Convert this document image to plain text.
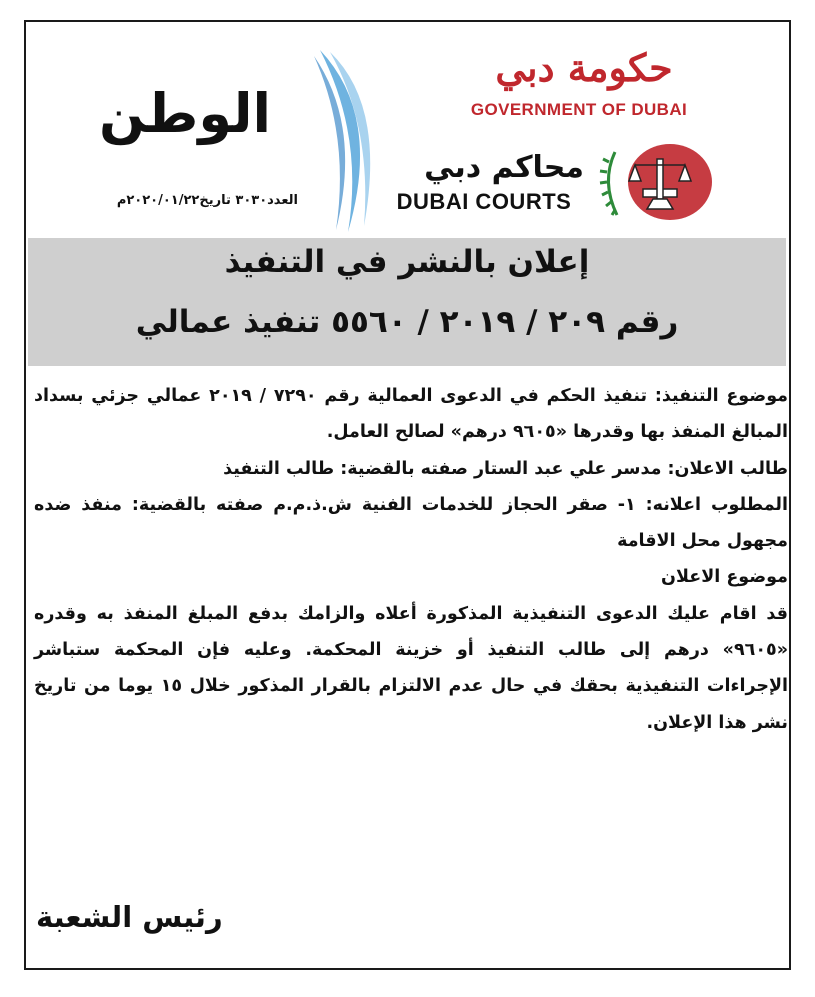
حكومة دبي
GOVERNMENT OF DUBAI
محاكم دبي
DUBAI COURTS
الوطن
العدد٣٠٣٠ تاريخ٢٠٢٠/٠١/٢٢م
إعلان بالنشر في التنفيذ
رقم ٢٠٩ / ٢٠١٩ / ٥٥٦٠ تنفيذ عمالي

موضوع التنفيذ: تنفيذ الحكم في الدعوى العمالية رقم ٧٢٩٠ / ٢٠١٩ عمالي جزئي بسداد المبالغ المنفذ بها وقدرها «٩٦٠٥ درهم» لصالح العامل.

طالب الاعلان: مدسر علي عبد الستار صفته بالقضية: طالب التنفيذ

المطلوب اعلانه: ١- صقر الحجاز للخدمات الفنية ش.ذ.م.م صفته بالقضية: منفذ ضده مجهول محل الاقامة

موضوع الاعلان

قد اقام عليك الدعوى التنفيذية المذكورة أعلاه والزامك بدفع المبلغ المنفذ به وقدره «٩٦٠٥» درهم إلى طالب التنفيذ أو خزينة المحكمة. وعليه فإن المحكمة ستباشر الإجراءات التنفيذية بحقك في حال عدم الالتزام بالقرار المذكور خلال ١٥ يوما من تاريخ نشر هذا الإعلان.

رئيس الشعبة
